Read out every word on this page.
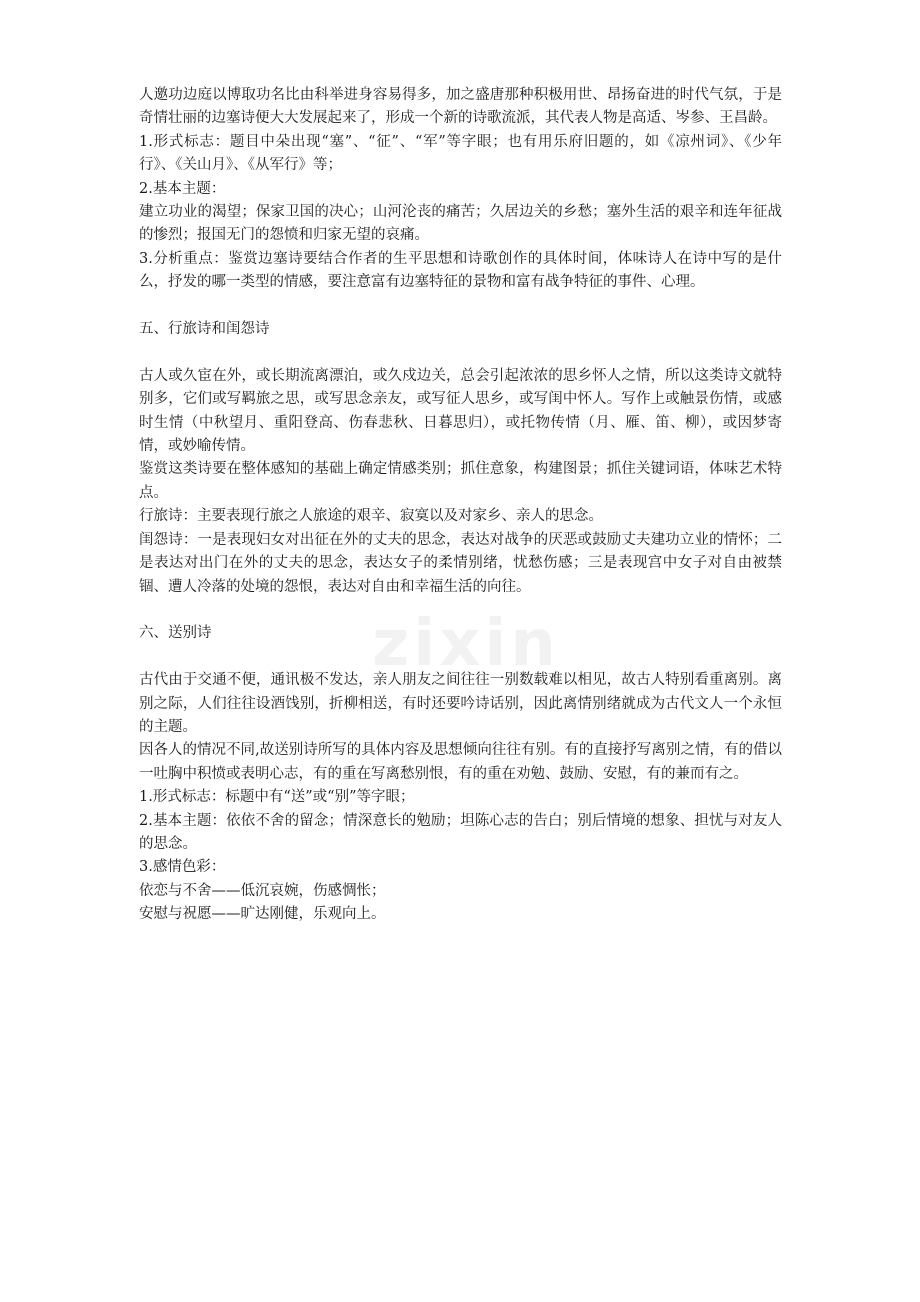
人邀功边庭以博取功名比由科举进身容易得多，加之盛唐那种积极用世、昂扬奋进的时代气氛，于是奇情壮丽的边塞诗便大大发展起来了，形成一个新的诗歌流派，其代表人物是高适、岑参、王昌龄。

1.形式标志：题目中朵出现“塞”、“征”、“军”等字眼；也有用乐府旧题的，如《凉州词》、《少年行》、《关山月》、《从军行》等；

2.基本主题：

建立功业的渴望；保家卫国的决心；山河沦丧的痛苦；久居边关的乡愁；塞外生活的艰辛和连年征战的惨烈；报国无门的怨愤和归家无望的哀痛。

3.分析重点：鉴赏边塞诗要结合作者的生平思想和诗歌创作的具体时间，体味诗人在诗中写的是什么，抒发的哪一类型的情感，要注意富有边塞特征的景物和富有战争特征的事件、心理。

五、行旅诗和闺怨诗

古人或久宦在外，或长期流离漂泊，或久戍边关，总会引起浓浓的思乡怀人之情，所以这类诗文就特别多，它们或写羁旅之思，或写思念亲友，或写征人思乡，或写闺中怀人。写作上或触景伤情，或感时生情（中秋望月、重阳登高、伤春悲秋、日暮思归），或托物传情（月、雁、笛、柳），或因梦寄情，或妙喻传情。

鉴赏这类诗要在整体感知的基础上确定情感类别；抓住意象，构建图景；抓住关键词语，体味艺术特点。

行旅诗：主要表现行旅之人旅途的艰辛、寂寞以及对家乡、亲人的思念。

闺怨诗：一是表现妇女对出征在外的丈夫的思念，表达对战争的厌恶或鼓励丈夫建功立业的情怀；二是表达对出门在外的丈夫的思念，表达女子的柔情别绪，忧愁伤感；三是表现宫中女子对自由被禁锢、遭人冷落的处境的怨恨，表达对自由和幸福生活的向往。

六、送别诗

古代由于交通不便，通讯极不发达，亲人朋友之间往往一别数载难以相见，故古人特别看重离别。离别之际，人们往往设酒饯别，折柳相送，有时还要吟诗话别，因此离情别绪就成为古代文人一个永恒的主题。

因各人的情况不同,故送别诗所写的具体内容及思想倾向往往有别。有的直接抒写离别之情，有的借以一吐胸中积愤或表明心志，有的重在写离愁别恨，有的重在劝勉、鼓励、安慰，有的兼而有之。

1.形式标志：标题中有“送”或“别”等字眼；

2.基本主题：依依不舍的留念；情深意长的勉励；坦陈心志的告白；别后情境的想象、担忧与对友人的思念。

3.感情色彩：

依恋与不舍——低沉哀婉，伤感惆怅；

安慰与祝愿——旷达刚健，乐观向上。

zixin
